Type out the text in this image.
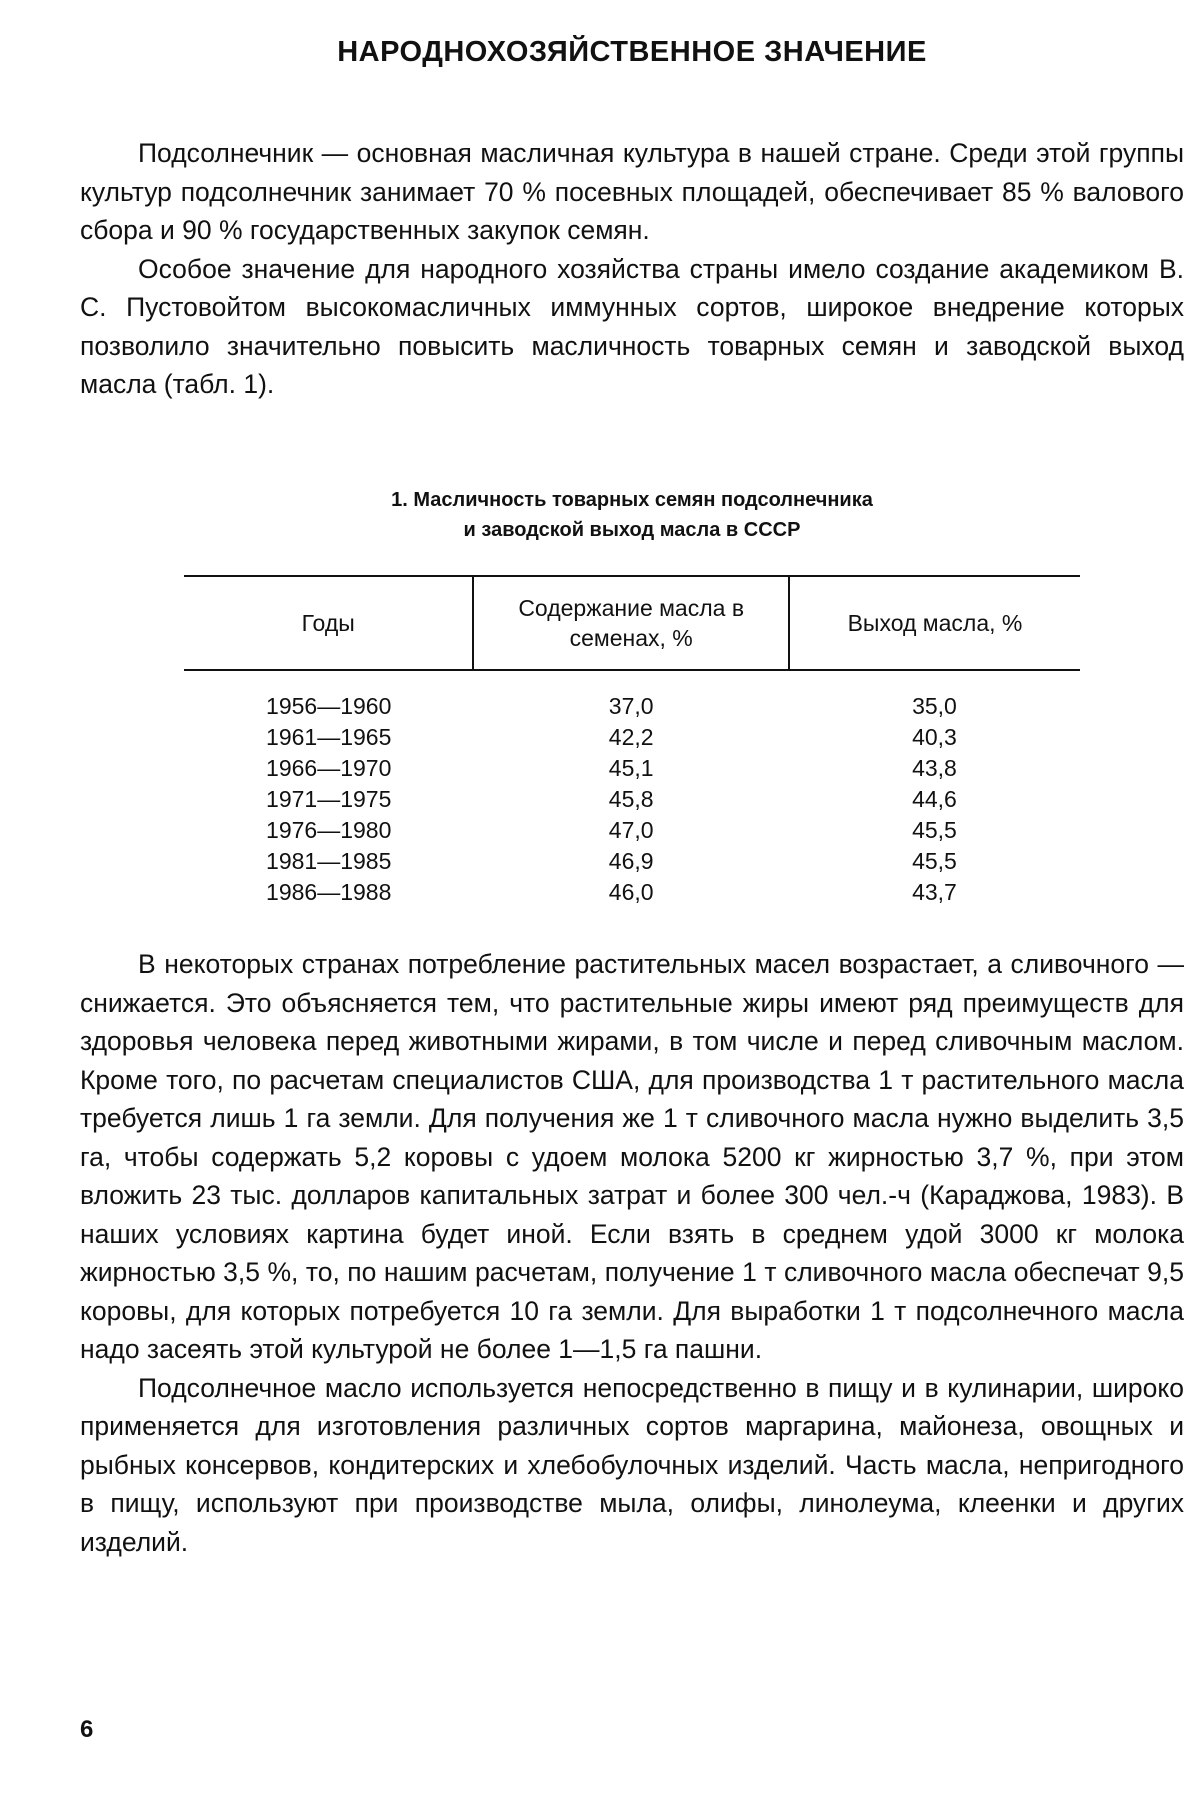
НАРОДНОХОЗЯЙСТВЕННОЕ ЗНАЧЕНИЕ

Подсолнечник — основная масличная культура в нашей стране. Среди этой группы культур подсолнечник занимает 70 % посевных площадей, обеспечивает 85 % валового сбора и 90 % государственных закупок семян.

Особое значение для народного хозяйства страны имело создание академиком В. С. Пустовойтом высокомасличных иммунных сортов, широкое внедрение которых позволило значительно повысить масличность товарных семян и заводской выход масла (табл. 1).

1. Масличность товарных семян подсолнечника
и заводской выход масла в СССР
Годы	Содержание масла в семенах, %	Выход масла, %
1956—1960	37,0	35,0
1961—1965	42,2	40,3
1966—1970	45,1	43,8
1971—1975	45,8	44,6
1976—1980	47,0	45,5
1981—1985	46,9	45,5
1986—1988	46,0	43,7

В некоторых странах потребление растительных масел возрастает, а сливочного — снижается. Это объясняется тем, что растительные жиры имеют ряд преимуществ для здоровья человека перед животными жирами, в том числе и перед сливочным маслом. Кроме того, по расчетам специалистов США, для производства 1 т растительного масла требуется лишь 1 га земли. Для получения же 1 т сливочного масла нужно выделить 3,5 га, чтобы содержать 5,2 коровы с удоем молока 5200 кг жирностью 3,7 %, при этом вложить 23 тыс. долларов капитальных затрат и более 300 чел.-ч (Караджова, 1983). В наших условиях картина будет иной. Если взять в среднем удой 3000 кг молока жирностью 3,5 %, то, по нашим расчетам, получение 1 т сливочного масла обеспечат 9,5 коровы, для которых потребуется 10 га земли. Для выработки 1 т подсолнечного масла надо засеять этой культурой не более 1—1,5 га пашни.

Подсолнечное масло используется непосредственно в пищу и в кулинарии, широко применяется для изготовления различных сортов маргарина, майонеза, овощных и рыбных консервов, кондитерских и хлебобулочных изделий. Часть масла, непригодного в пищу, используют при производстве мыла, олифы, линолеума, клеенки и других изделий.

6
